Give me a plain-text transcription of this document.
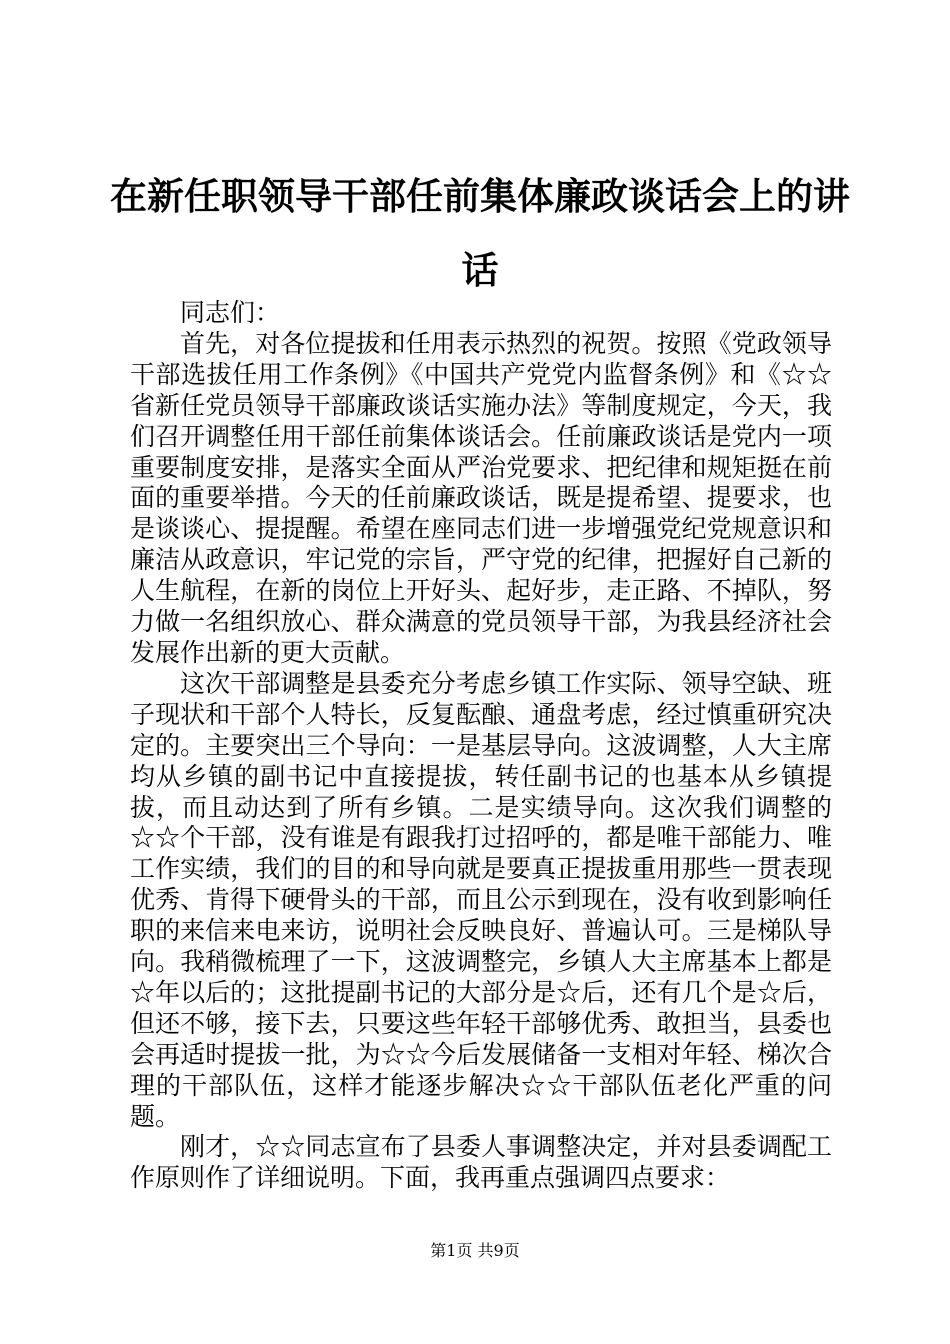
在新任职领导干部任前集体廉政谈话会上的讲话

同志们：

首先，对各位提拔和任用表示热烈的祝贺。按照《党政领导干部选拔任用工作条例》《中国共产党党内监督条例》和《☆☆省新任党员领导干部廉政谈话实施办法》等制度规定，今天，我们召开调整任用干部任前集体谈话会。任前廉政谈话是党内一项重要制度安排，是落实全面从严治党要求、把纪律和规矩挺在前面的重要举措。今天的任前廉政谈话，既是提希望、提要求，也是谈谈心、提提醒。希望在座同志们进一步增强党纪党规意识和廉洁从政意识，牢记党的宗旨，严守党的纪律，把握好自己新的人生航程，在新的岗位上开好头、起好步，走正路、不掉队，努力做一名组织放心、群众满意的党员领导干部，为我县经济社会发展作出新的更大贡献。

这次干部调整是县委充分考虑乡镇工作实际、领导空缺、班子现状和干部个人特长，反复酝酿、通盘考虑，经过慎重研究决定的。主要突出三个导向：一是基层导向。这波调整，人大主席均从乡镇的副书记中直接提拔，转任副书记的也基本从乡镇提拔，而且动达到了所有乡镇。二是实绩导向。这次我们调整的☆☆个干部，没有谁是有跟我打过招呼的，都是唯干部能力、唯工作实绩，我们的目的和导向就是要真正提拔重用那些一贯表现优秀、肯得下硬骨头的干部，而且公示到现在，没有收到影响任职的来信来电来访，说明社会反映良好、普遍认可。三是梯队导向。我稍微梳理了一下，这波调整完，乡镇人大主席基本上都是☆年以后的；这批提副书记的大部分是☆后，还有几个是☆后，但还不够，接下去，只要这些年轻干部够优秀、敢担当，县委也会再适时提拔一批，为☆☆今后发展储备一支相对年轻、梯次合理的干部队伍，这样才能逐步解决☆☆干部队伍老化严重的问题。

刚才，☆☆同志宣布了县委人事调整决定，并对县委调配工作原则作了详细说明。下面，我再重点强调四点要求：

第1页 共9页
